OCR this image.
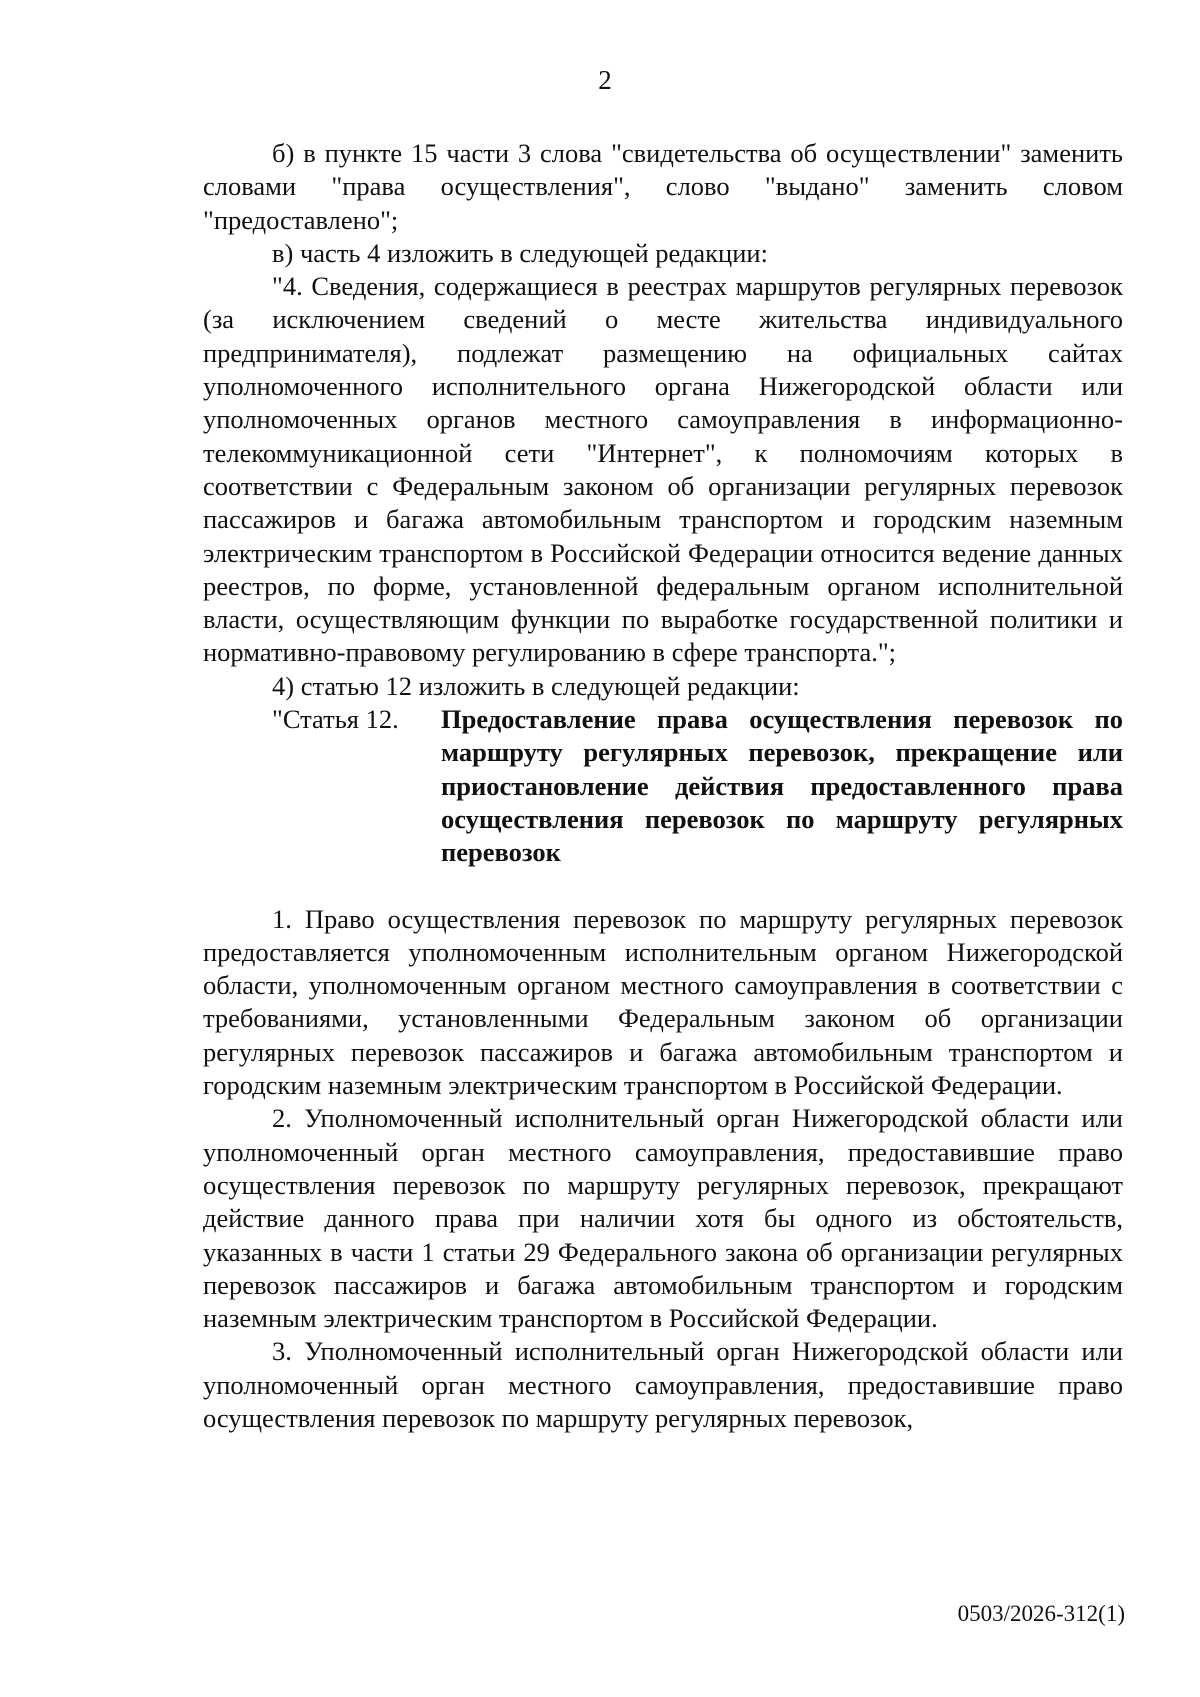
2

б) в пункте 15 части 3 слова "свидетельства об осуществлении" заменить словами "права осуществления", слово "выдано" заменить словом "предоставлено";

в) часть 4 изложить в следующей редакции:

"4. Сведения, содержащиеся в реестрах маршрутов регулярных перевозок (за исключением сведений о месте жительства индивидуального предпринимателя), подлежат размещению на официальных сайтах уполномоченного исполнительного органа Нижегородской области или уполномоченных органов местного самоуправления в информационно-телекоммуникационной сети "Интернет", к полномочиям которых в соответствии с Федеральным законом об организации регулярных перевозок пассажиров и багажа автомобильным транспортом и городским наземным электрическим транспортом в Российской Федерации относится ведение данных реестров, по форме, установленной федеральным органом исполнительной власти, осуществляющим функции по выработке государственной политики и нормативно-правовому регулированию в сфере транспорта.";

4) статью 12 изложить в следующей редакции:

"Статья 12.	Предоставление права осуществления перевозок по маршруту регулярных перевозок, прекращение или приостановление действия предоставленного права осуществления перевозок по маршруту регулярных перевозок

1. Право осуществления перевозок по маршруту регулярных перевозок предоставляется уполномоченным исполнительным органом Нижегородской области, уполномоченным органом местного самоуправления в соответствии с требованиями, установленными Федеральным законом об организации регулярных перевозок пассажиров и багажа автомобильным транспортом и городским наземным электрическим транспортом в Российской Федерации.

2. Уполномоченный исполнительный орган Нижегородской области или уполномоченный орган местного самоуправления, предоставившие право осуществления перевозок по маршруту регулярных перевозок, прекращают действие данного права при наличии хотя бы одного из обстоятельств, указанных в части 1 статьи 29 Федерального закона об организации регулярных перевозок пассажиров и багажа автомобильным транспортом и городским наземным электрическим транспортом в Российской Федерации.

3. Уполномоченный исполнительный орган Нижегородской области или уполномоченный орган местного самоуправления, предоставившие право осуществления перевозок по маршруту регулярных перевозок,

0503/2026-312(1)
